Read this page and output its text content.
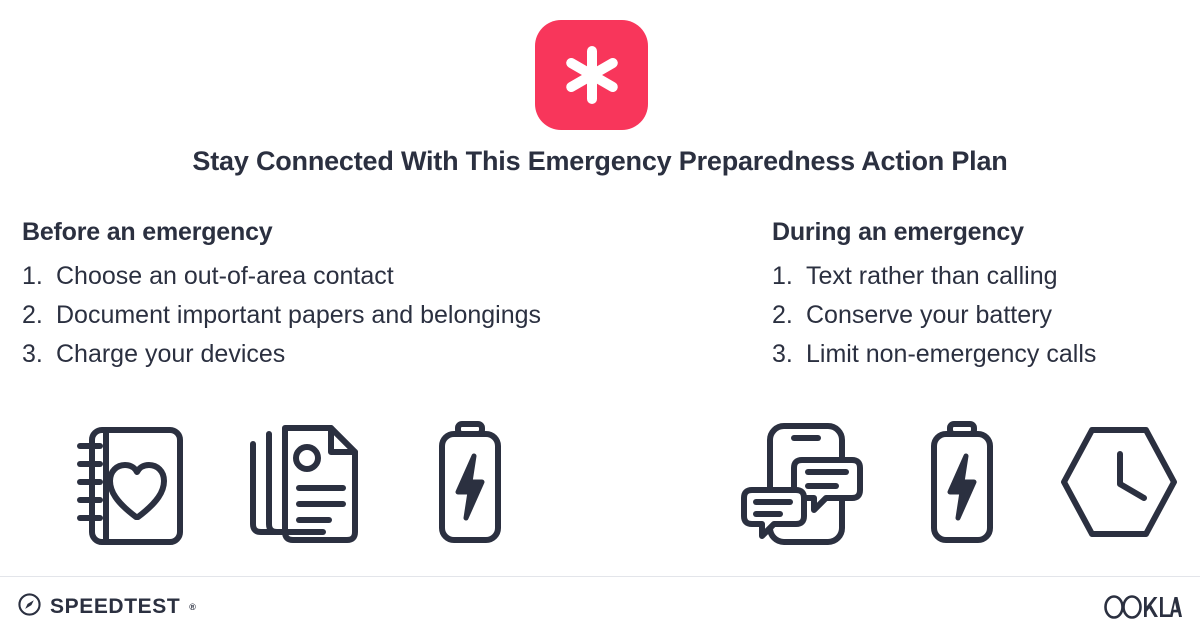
Stay Connected With This Emergency Preparedness Action Plan
Before an emergency
1. Choose an out-of-area contact
2. Document important papers and belongings
3. Charge your devices
During an emergency
1. Text rather than calling
2. Conserve your battery
3. Limit non-emergency calls
SPEEDTEST ®
